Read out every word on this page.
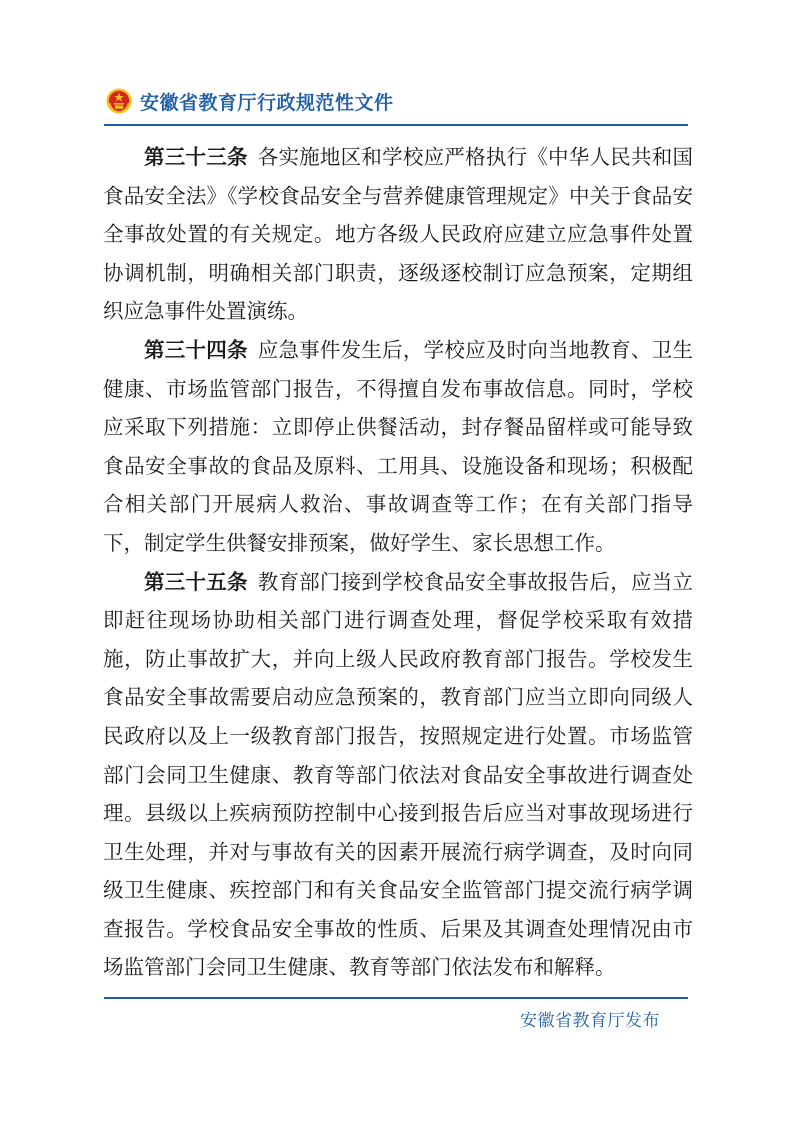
安徽省教育厅行政规范性文件

第三十三条 各实施地区和学校应严格执行《中华人民共和国食品安全法》《学校食品安全与营养健康管理规定》中关于食品安全事故处置的有关规定。地方各级人民政府应建立应急事件处置协调机制，明确相关部门职责，逐级逐校制订应急预案，定期组织应急事件处置演练。

第三十四条 应急事件发生后，学校应及时向当地教育、卫生健康、市场监管部门报告，不得擅自发布事故信息。同时，学校应采取下列措施：立即停止供餐活动，封存餐品留样或可能导致食品安全事故的食品及原料、工用具、设施设备和现场；积极配合相关部门开展病人救治、事故调查等工作；在有关部门指导下，制定学生供餐安排预案，做好学生、家长思想工作。

第三十五条 教育部门接到学校食品安全事故报告后，应当立即赶往现场协助相关部门进行调查处理，督促学校采取有效措施，防止事故扩大，并向上级人民政府教育部门报告。学校发生食品安全事故需要启动应急预案的，教育部门应当立即向同级人民政府以及上一级教育部门报告，按照规定进行处置。市场监管部门会同卫生健康、教育等部门依法对食品安全事故进行调查处理。县级以上疾病预防控制中心接到报告后应当对事故现场进行卫生处理，并对与事故有关的因素开展流行病学调查，及时向同级卫生健康、疾控部门和有关食品安全监管部门提交流行病学调查报告。学校食品安全事故的性质、后果及其调查处理情况由市场监管部门会同卫生健康、教育等部门依法发布和解释。

安徽省教育厅发布
